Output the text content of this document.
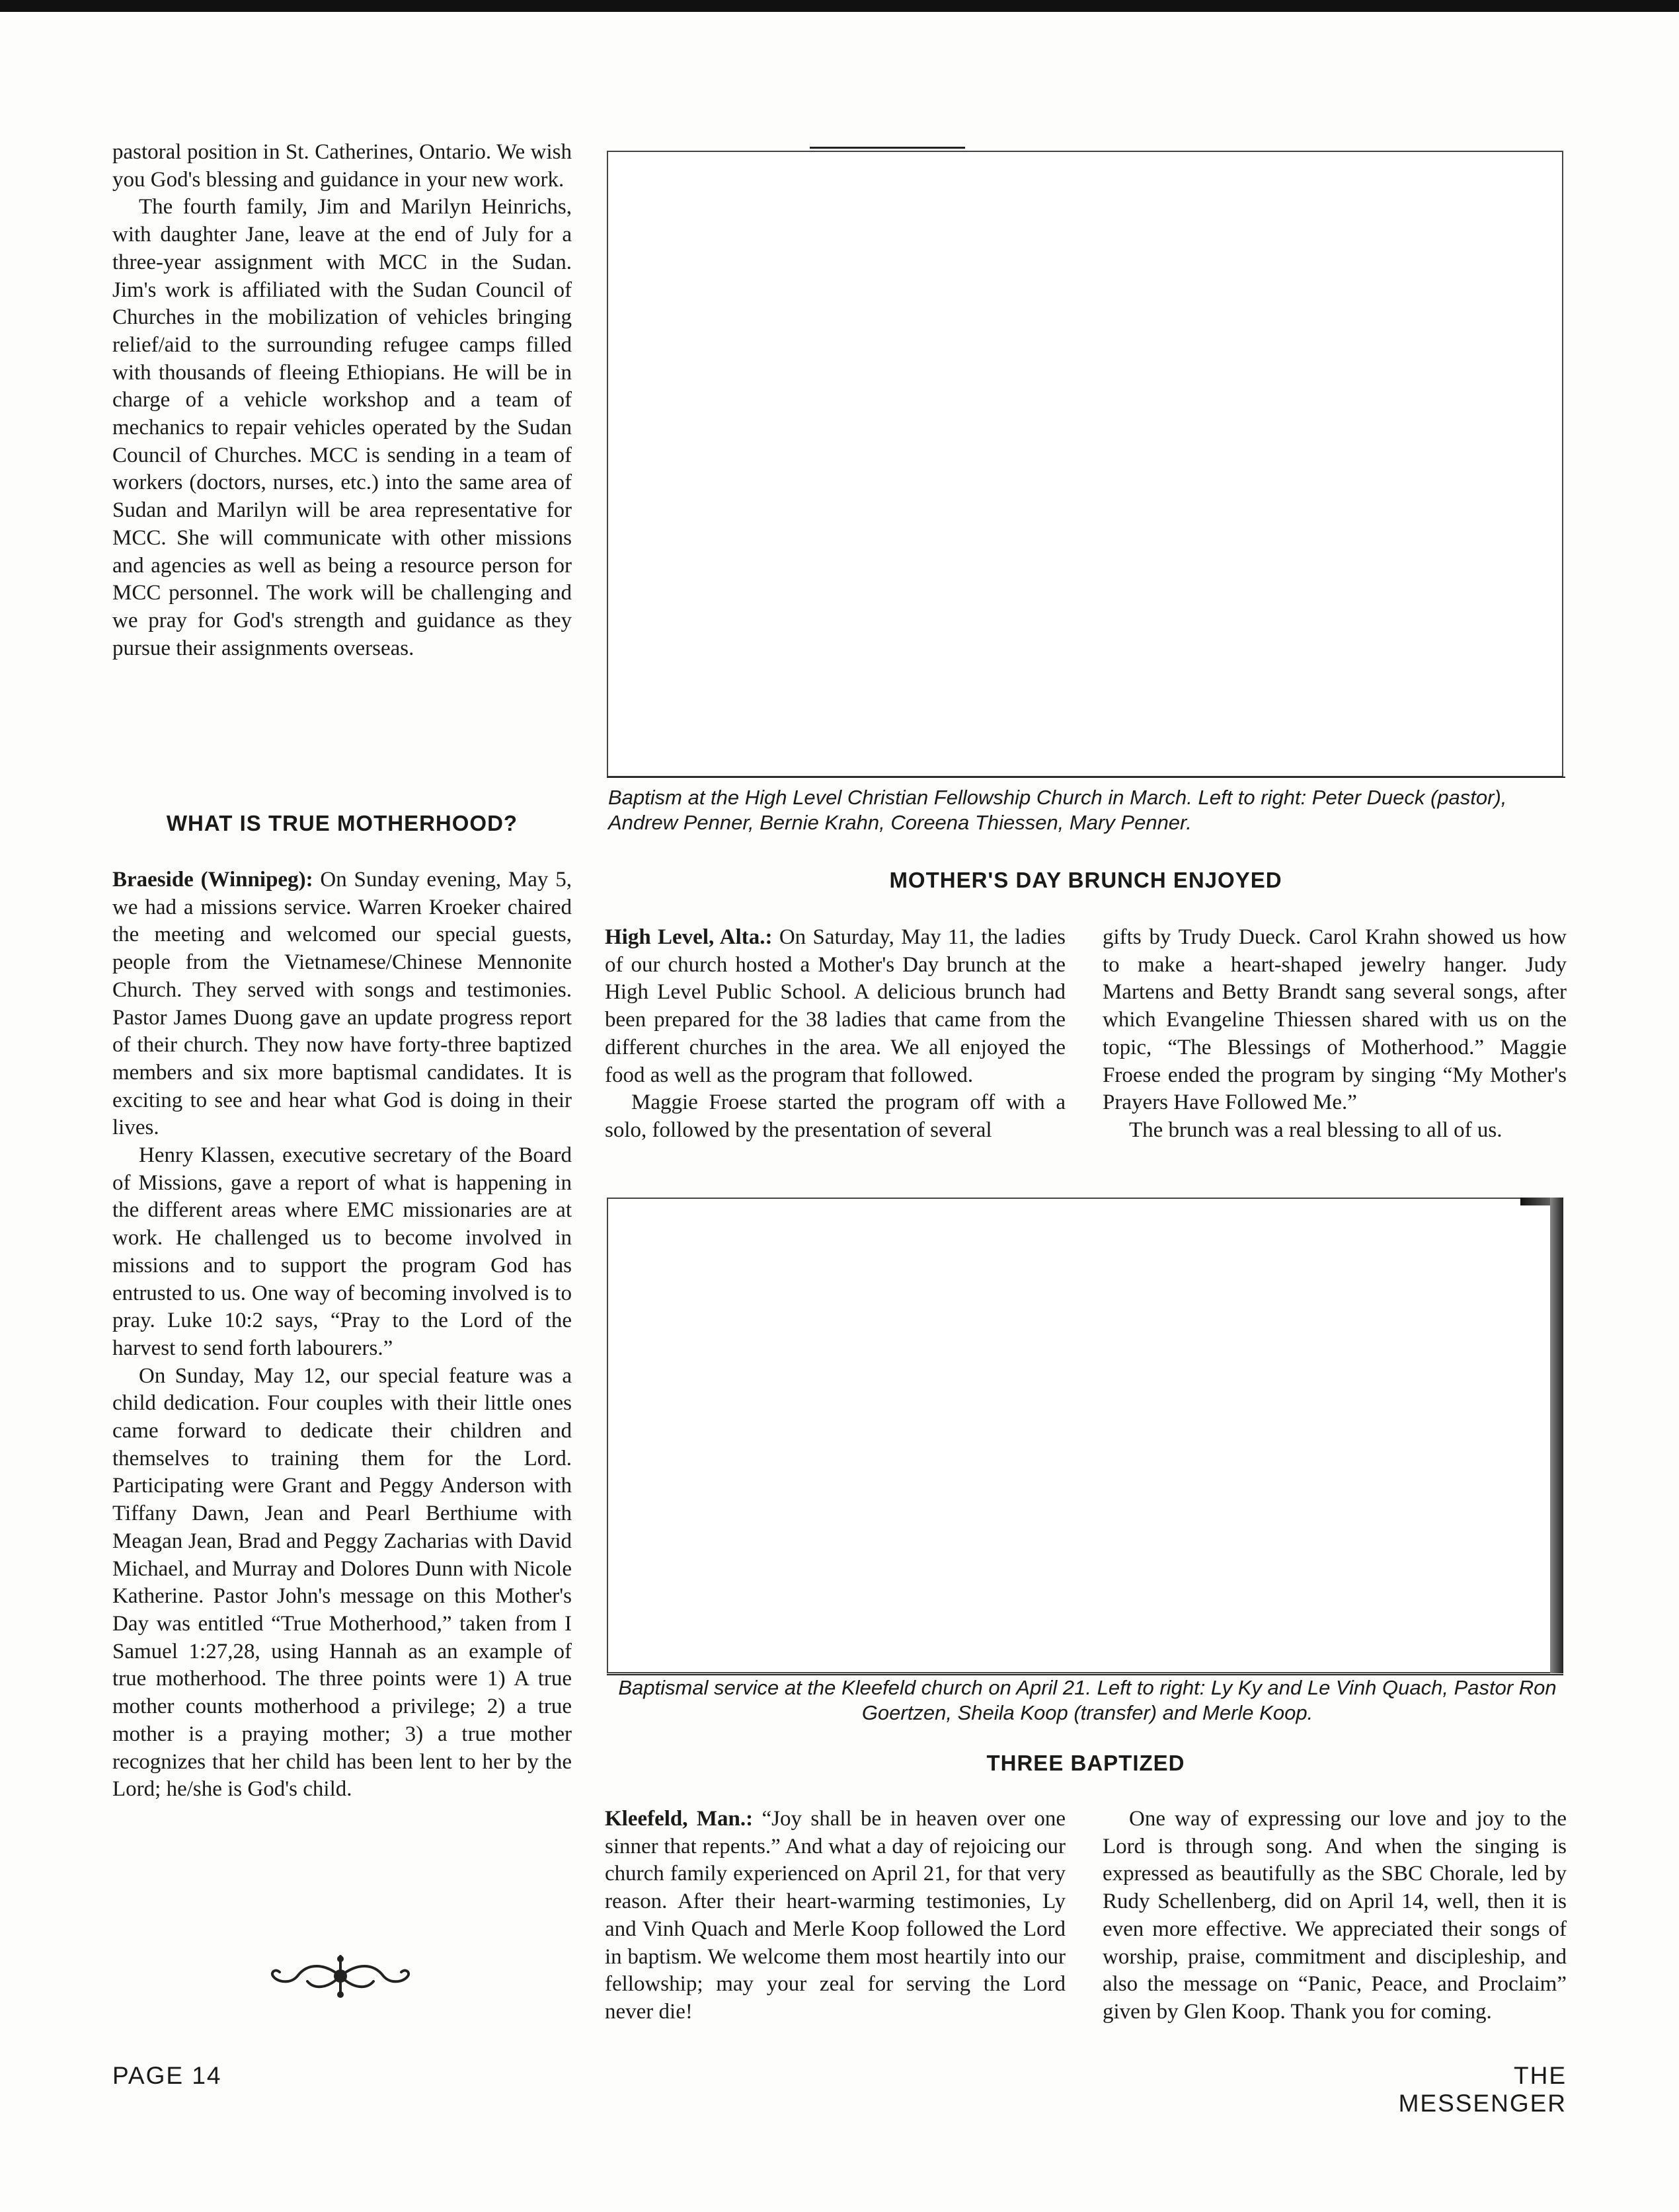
pastoral position in St. Catherines, Ontario. We wish you God's blessing and guidance in your new work.

The fourth family, Jim and Marilyn Heinrichs, with daughter Jane, leave at the end of July for a three-year assignment with MCC in the Sudan. Jim's work is affiliated with the Sudan Council of Churches in the mobilization of vehicles bringing relief/aid to the surrounding refugee camps filled with thousands of fleeing Ethiopians. He will be in charge of a vehicle workshop and a team of mechanics to repair vehicles operated by the Sudan Council of Churches. MCC is sending in a team of workers (doctors, nurses, etc.) into the same area of Sudan and Marilyn will be area representative for MCC. She will communicate with other missions and agencies as well as being a resource person for MCC personnel. The work will be challenging and we pray for God's strength and guidance as they pursue their assignments overseas.

WHAT IS TRUE MOTHERHOOD?

Braeside (Winnipeg): On Sunday evening, May 5, we had a missions service. Warren Kroeker chaired the meeting and welcomed our special guests, people from the Vietnamese/Chinese Mennonite Church. They served with songs and testimonies. Pastor James Duong gave an update progress report of their church. They now have forty-three baptized members and six more baptismal candidates. It is exciting to see and hear what God is doing in their lives.

Henry Klassen, executive secretary of the Board of Missions, gave a report of what is happening in the different areas where EMC missionaries are at work. He challenged us to become involved in missions and to support the program God has entrusted to us. One way of becoming involved is to pray. Luke 10:2 says, “Pray to the Lord of the harvest to send forth labourers.”

On Sunday, May 12, our special feature was a child dedication. Four couples with their little ones came forward to dedicate their children and themselves to training them for the Lord. Participating were Grant and Peggy Anderson with Tiffany Dawn, Jean and Pearl Berthiume with Meagan Jean, Brad and Peggy Zacharias with David Michael, and Murray and Dolores Dunn with Nicole Katherine. Pastor John's message on this Mother's Day was entitled “True Motherhood,” taken from I Samuel 1:27,28, using Hannah as an example of true motherhood. The three points were 1) A true mother counts motherhood a privilege; 2) a true mother is a praying mother; 3) a true mother recognizes that her child has been lent to her by the Lord; he/she is God's child.

Baptism at the High Level Christian Fellowship Church in March. Left to right: Peter Dueck (pastor), Andrew Penner, Bernie Krahn, Coreena Thiessen, Mary Penner.

MOTHER'S DAY BRUNCH ENJOYED

High Level, Alta.: On Saturday, May 11, the ladies of our church hosted a Mother's Day brunch at the High Level Public School. A delicious brunch had been prepared for the 38 ladies that came from the different churches in the area. We all enjoyed the food as well as the program that followed.

Maggie Froese started the program off with a solo, followed by the presentation of several

gifts by Trudy Dueck. Carol Krahn showed us how to make a heart-shaped jewelry hanger. Judy Martens and Betty Brandt sang several songs, after which Evangeline Thiessen shared with us on the topic, “The Blessings of Motherhood.” Maggie Froese ended the program by singing “My Mother's Prayers Have Followed Me.”

The brunch was a real blessing to all of us.

Baptismal service at the Kleefeld church on April 21. Left to right: Ly Ky and Le Vinh Quach, Pastor Ron Goertzen, Sheila Koop (transfer) and Merle Koop.

THREE BAPTIZED

Kleefeld, Man.: “Joy shall be in heaven over one sinner that repents.” And what a day of rejoicing our church family experienced on April 21, for that very reason. After their heart-warming testimonies, Ly and Vinh Quach and Merle Koop followed the Lord in baptism. We welcome them most heartily into our fellowship; may your zeal for serving the Lord never die!

One way of expressing our love and joy to the Lord is through song. And when the singing is expressed as beautifully as the SBC Chorale, led by Rudy Schellenberg, did on April 14, well, then it is even more effective. We appreciated their songs of worship, praise, commitment and discipleship, and also the message on “Panic, Peace, and Proclaim” given by Glen Koop. Thank you for coming.

PAGE 14	THE MESSENGER
